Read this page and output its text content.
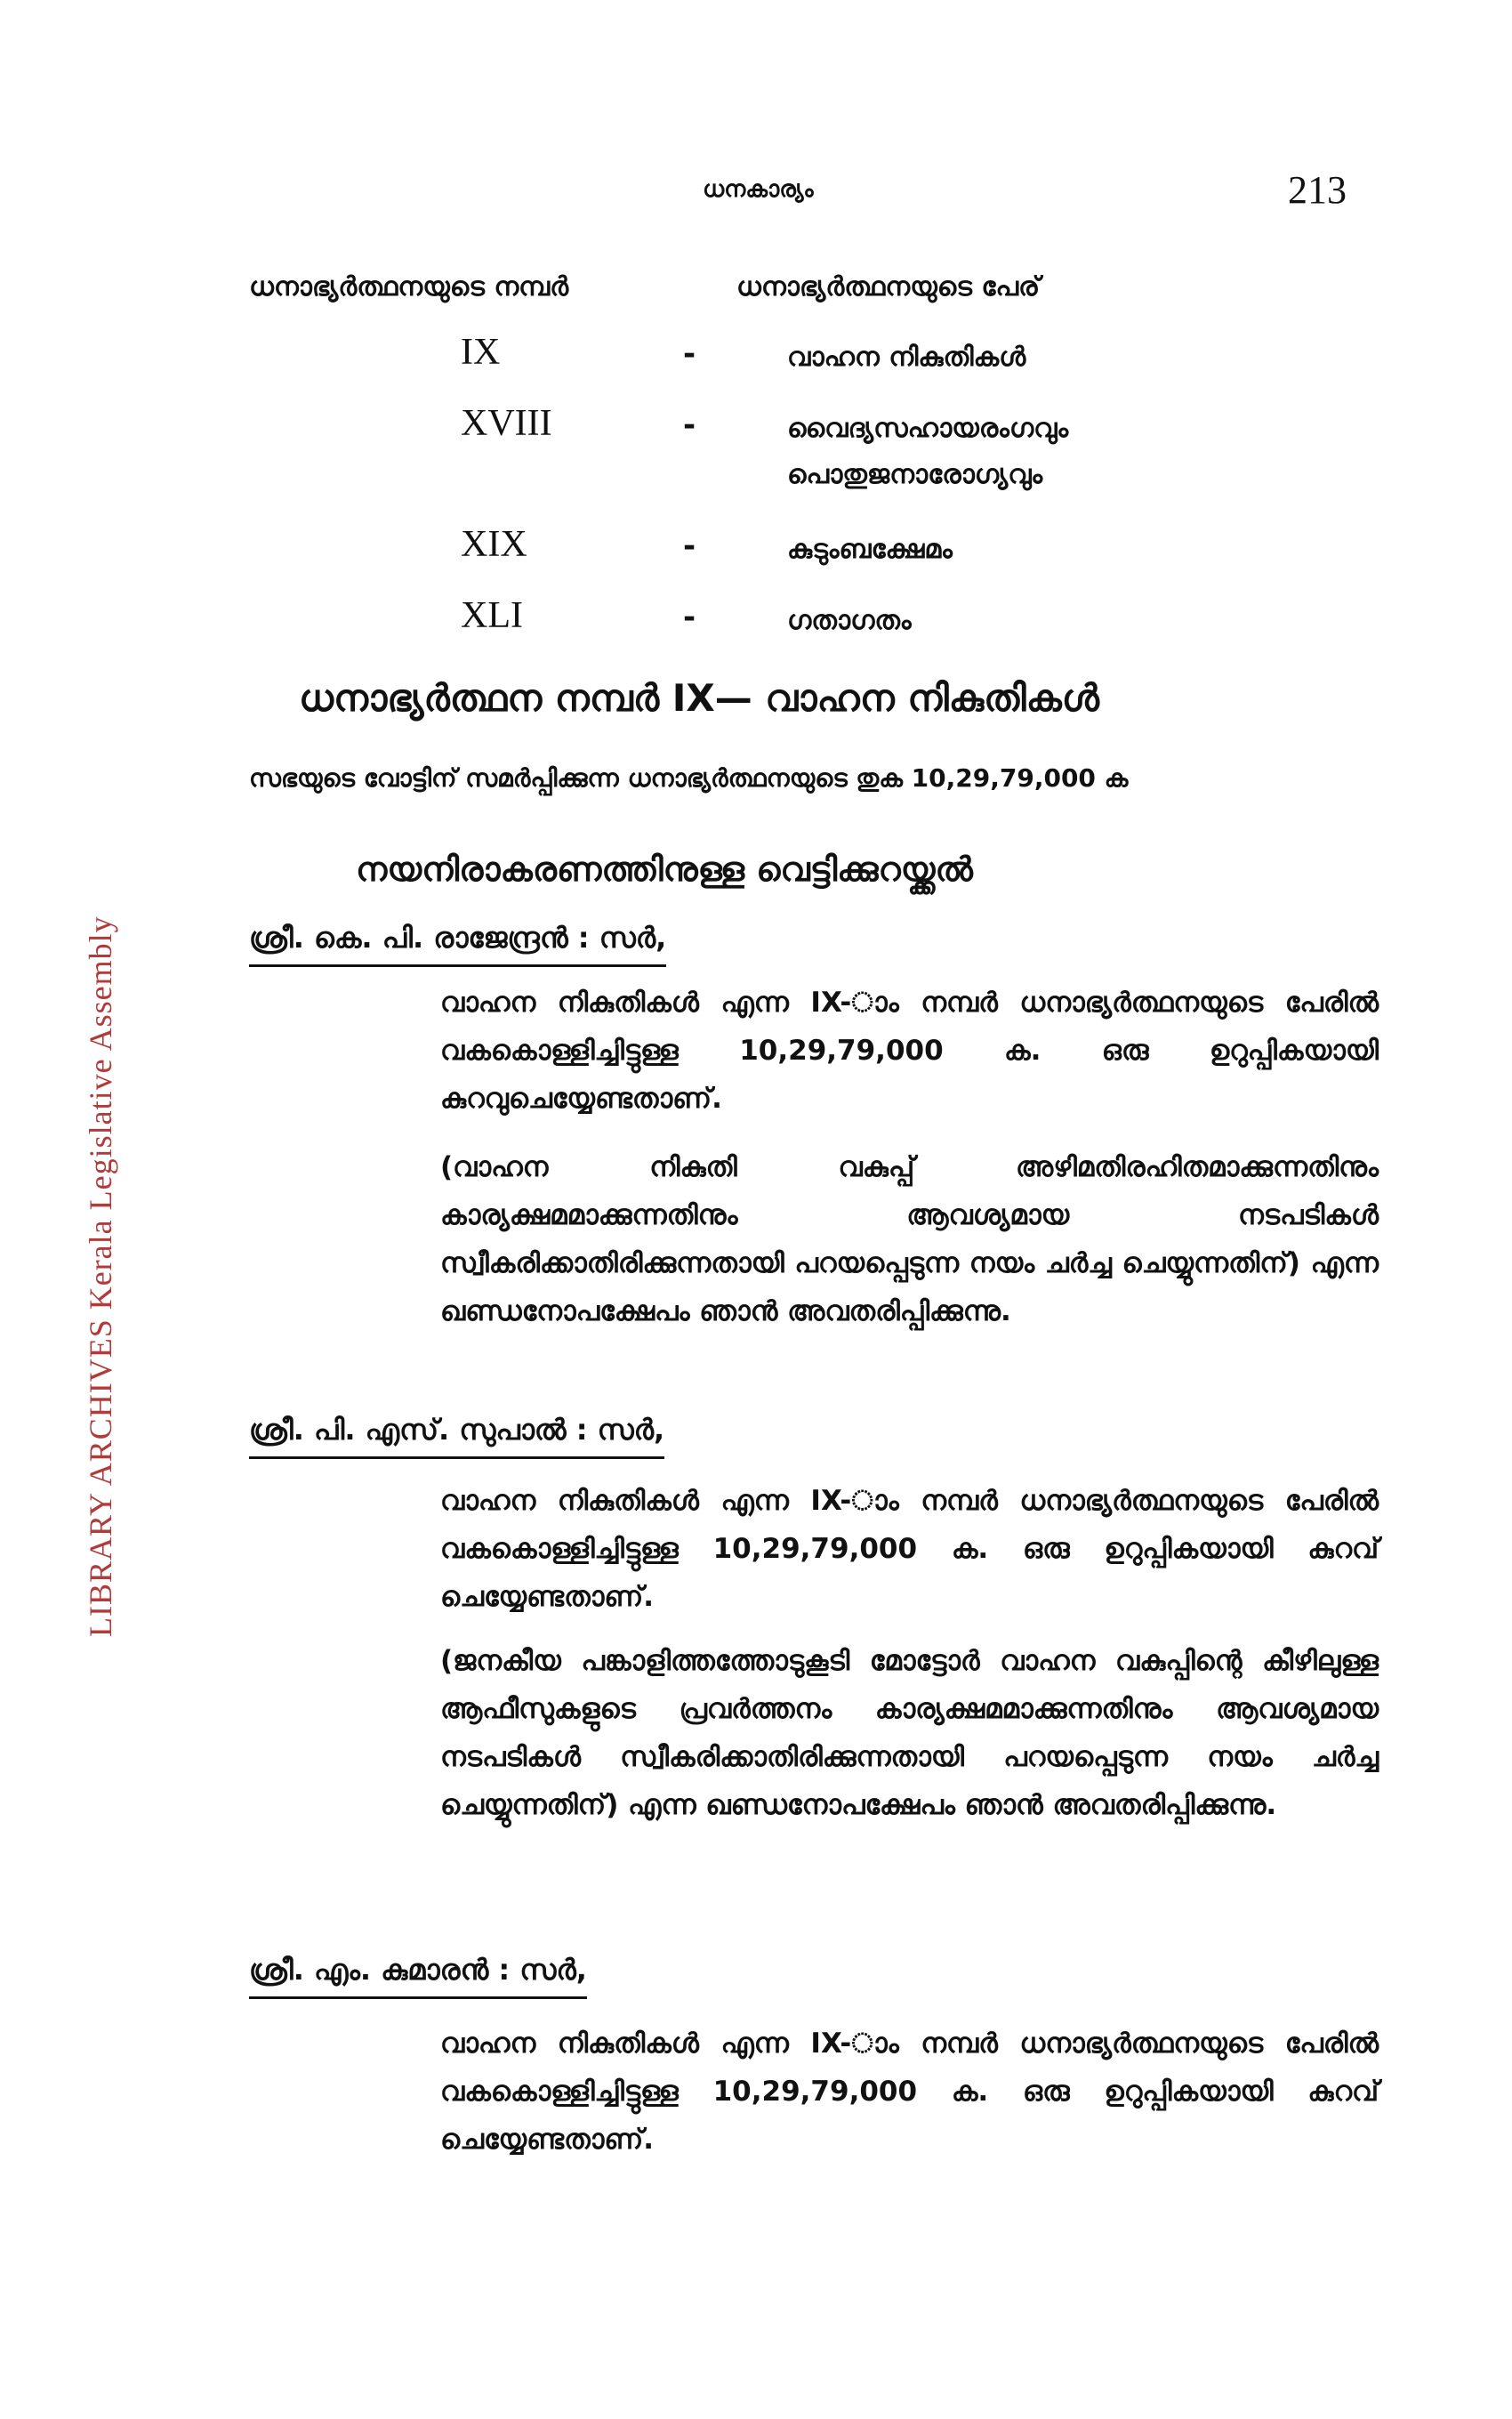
LIBRARY ARCHIVES Kerala Legislative Assembly
ധനകാര്യം	213
ധനാഭ്യർത്ഥനയുടെ നമ്പർ	ധനാഭ്യർത്ഥനയുടെ പേര്
IX	-	വാഹന നികുതികൾ
XVIII	-	വൈദ്യസഹായരംഗവും പൊതുജനാരോഗ്യവും
XIX	-	കുടുംബക്ഷേമം
XLI	-	ഗതാഗതം
ധനാഭ്യർത്ഥന നമ്പർ IX— വാഹന നികുതികൾ
സഭയുടെ വോട്ടിന് സമർപ്പിക്കുന്ന ധനാഭ്യർത്ഥനയുടെ തുക 10,29,79,000 ക
നയനിരാകരണത്തിനുള്ള വെട്ടിക്കുറയ്ക്കൽ
ശ്രീ. കെ. പി. രാജേന്ദ്രൻ : സർ,
വാഹന നികുതികൾ എന്ന IX-ാം നമ്പർ ധനാഭ്യർത്ഥനയുടെ പേരിൽ വകകൊള്ളിച്ചിട്ടുള്ള 10,29,79,000 ക. ഒരു ഉറുപ്പികയായി കുറവുചെയ്യേണ്ടതാണ്.
(വാഹന നികുതി വകുപ്പ് അഴിമതിരഹിതമാക്കുന്നതിനും കാര്യക്ഷമമാക്കുന്നതിനും ആവശ്യമായ നടപടികൾ സ്വീകരിക്കാതിരിക്കുന്നതായി പറയപ്പെടുന്ന നയം ചർച്ച ചെയ്യുന്നതിന്) എന്ന ഖണ്ഡനോപക്ഷേപം ഞാൻ അവതരിപ്പിക്കുന്നു.
ശ്രീ. പി. എസ്. സുപാൽ : സർ,
വാഹന നികുതികൾ എന്ന IX-ാം നമ്പർ ധനാഭ്യർത്ഥനയുടെ പേരിൽ വകകൊള്ളിച്ചിട്ടുള്ള 10,29,79,000 ക. ഒരു ഉറുപ്പികയായി കുറവ് ചെയ്യേണ്ടതാണ്.
(ജനകീയ പങ്കാളിത്തത്തോടുകൂടി മോട്ടോർ വാഹന വകുപ്പിന്റെ കീഴിലുള്ള ആഫീസുകളുടെ പ്രവർത്തനം കാര്യക്ഷമമാക്കുന്നതിനും ആവശ്യമായ നടപടികൾ സ്വീകരിക്കാതിരിക്കുന്നതായി പറയപ്പെടുന്ന നയം ചർച്ച ചെയ്യുന്നതിന്) എന്ന ഖണ്ഡനോപക്ഷേപം ഞാൻ അവതരിപ്പിക്കുന്നു.
ശ്രീ. എം. കുമാരൻ : സർ,
വാഹന നികുതികൾ എന്ന IX-ാം നമ്പർ ധനാഭ്യർത്ഥനയുടെ പേരിൽ വകകൊള്ളിച്ചിട്ടുള്ള 10,29,79,000 ക. ഒരു ഉറുപ്പികയായി കുറവ് ചെയ്യേണ്ടതാണ്.
